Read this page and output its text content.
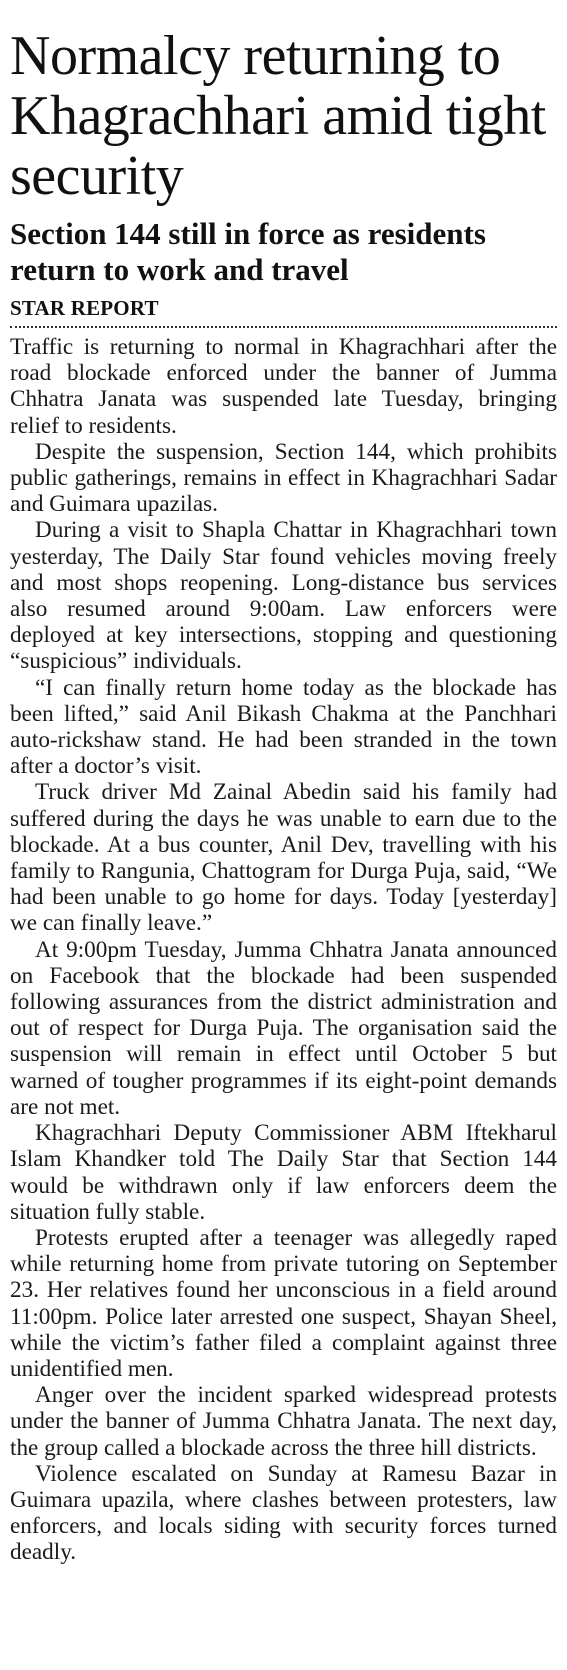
Normalcy returning to Khagrachhari amid tight security
Section 144 still in force as residents return to work and travel
STAR REPORT

Traffic is returning to normal in Khagrachhari after the road blockade enforced under the banner of Jumma Chhatra Janata was suspended late Tuesday, bringing relief to residents.

Despite the suspension, Section 144, which prohibits public gatherings, remains in effect in Khagrachhari Sadar and Guimara upazilas.

During a visit to Shapla Chattar in Khagrachhari town yesterday, The Daily Star found vehicles moving freely and most shops reopening. Long-distance bus services also resumed around 9:00am. Law enforcers were deployed at key intersections, stopping and questioning “suspicious” individuals.

“I can finally return home today as the blockade has been lifted,” said Anil Bikash Chakma at the Panchhari auto-rickshaw stand. He had been stranded in the town after a doctor’s visit.

Truck driver Md Zainal Abedin said his family had suffered during the days he was unable to earn due to the blockade. At a bus counter, Anil Dev, travelling with his family to Rangunia, Chattogram for Durga Puja, said, “We had been unable to go home for days. Today [yesterday] we can finally leave.”

At 9:00pm Tuesday, Jumma Chhatra Janata announced on Facebook that the blockade had been suspended following assurances from the district administration and out of respect for Durga Puja. The organisation said the suspension will remain in effect until October 5 but warned of tougher programmes if its eight-point demands are not met.

Khagrachhari Deputy Commissioner ABM Iftekharul Islam Khandker told The Daily Star that Section 144 would be withdrawn only if law enforcers deem the situation fully stable.

Protests erupted after a teenager was allegedly raped while returning home from private tutoring on September 23. Her relatives found her unconscious in a field around 11:00pm. Police later arrested one suspect, Shayan Sheel, while the victim’s father filed a complaint against three unidentified men.

Anger over the incident sparked widespread protests under the banner of Jumma Chhatra Janata. The next day, the group called a blockade across the three hill districts.

Violence escalated on Sunday at Ramesu Bazar in Guimara upazila, where clashes between protesters, law enforcers, and locals siding with security forces turned deadly.
